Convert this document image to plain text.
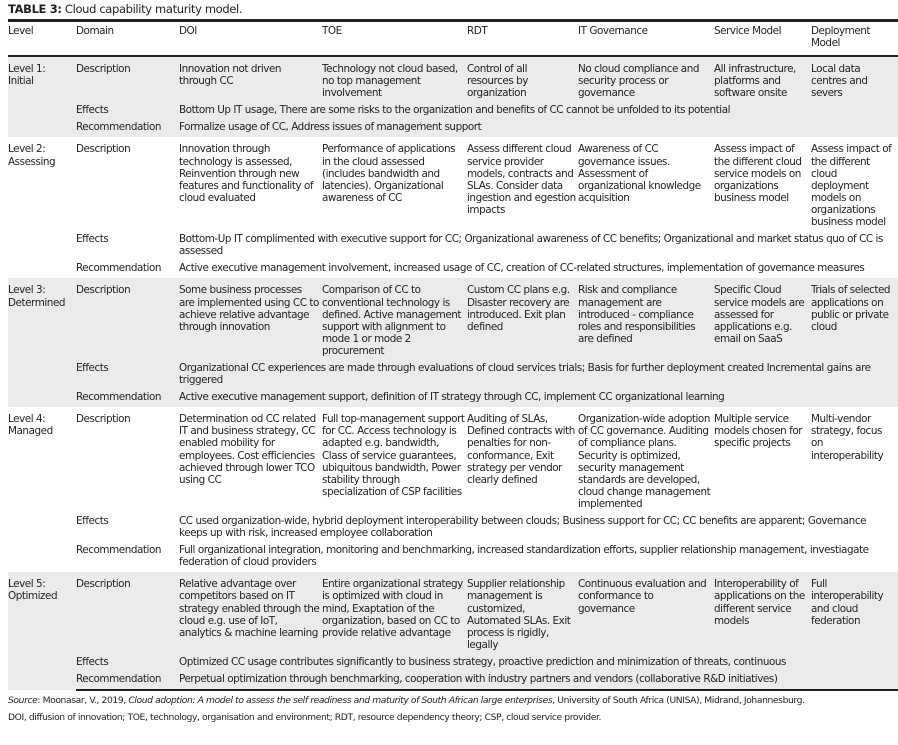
TABLE 3: Cloud capability maturity model.
Level	Domain	DOI	TOE	RDT	IT Governance	Service Model	Deployment Model

Level 1:
Initial	Description	Innovation not driven through CC	Technology not cloud based, no top management involvement	Control of all resources by organization	No cloud compliance and security process or governance	All infrastructure, platforms and software onsite	Local data centres and severs
	Effects	Bottom Up IT usage, There are some risks to the organization and benefits of CC cannot be unfolded to its potential					
	Recommendation	Formalize usage of CC, Address issues of management support					

Level 2:
Assessing	Description	Innovation through technology is assessed, Reinvention through new features and functionality of cloud evaluated	Performance of applications in the cloud assessed (includes bandwidth and latencies). Organizational awareness of CC	Assess different cloud service provider models, contracts and SLAs. Consider data ingestion and egestion impacts	Awareness of CC governance issues. Assessment of organizational knowledge acquisition	Assess impact of the different cloud service models on organizations business model	Assess impact of the different cloud deployment models on organizations business model
	Effects	Bottom-Up IT complimented with executive support for CC; Organizational awareness of CC benefits; Organizational and market status quo of CC is assessed					
	Recommendation	Active executive management involvement, increased usage of CC, creation of CC-related structures, implementation of governance measures					

Level 3:
Determined	Description	Some business processes are implemented using CC to achieve relative advantage through innovation	Comparison of CC to conventional technology is defined. Active management support with alignment to mode 1 or mode 2 procurement	Custom CC plans e.g. Disaster recovery are introduced. Exit plan defined	Risk and compliance management are introduced - compliance roles and responsibilities are defined	Specific Cloud service models are assessed for applications e.g. email on SaaS	Trials of selected applications on public or private cloud
	Effects	Organizational CC experiences are made through evaluations of cloud services trials; Basis for further deployment created Incremental gains are triggered					
	Recommendation	Active executive management support, definition of IT strategy through CC, implement CC organizational learning					

Level 4:
Managed	Description	Determination od CC related IT and business strategy, CC enabled mobility for employees. Cost efficiencies achieved through lower TCO using CC	Full top-management support for CC. Access technology is adapted e.g. bandwidth, Class of service guarantees, ubiquitous bandwidth, Power stability through specialization of CSP facilities	Auditing of SLAs, Defined contracts with penalties for non-conformance, Exit strategy per vendor clearly defined	Organization-wide adoption of CC governance. Auditing of compliance plans. Security is optimized, security management standards are developed, cloud change management implemented	Multiple service models chosen for specific projects	Multi-vendor strategy, focus on interoperability
	Effects	CC used organization-wide, hybrid deployment interoperability between clouds; Business support for CC; CC benefits are apparent; Governance keeps up with risk, increased employee collaboration					
	Recommendation	Full organizational integration, monitoring and benchmarking, increased standardization efforts, supplier relationship management, investiagate federation of cloud providers					

Level 5:
Optimized	Description	Relative advantage over competitors based on IT strategy enabled through the cloud e.g. use of IoT, analytics & machine learning	Entire organizational strategy is optimized with cloud in mind, Exaptation of the organization, based on CC to provide relative advantage	Supplier relationship management is customized, Automated SLAs. Exit process is rigidly, legally	Continuous evaluation and conformance to governance	Interoperability of applications on the different service models	Full interoperability and cloud federation
	Effects	Optimized CC usage contributes significantly to business strategy, proactive prediction and minimization of threats, continuous					
	Recommendation	Perpetual optimization through benchmarking, cooperation with industry partners and vendors (collaborative R&D initiatives)					
Source: Moonasar, V., 2019, Cloud adoption: A model to assess the self readiness and maturity of South African large enterprises, University of South Africa (UNISA), Midrand, Johannesburg.
DOI, diffusion of innovation; TOE, technology, organisation and environment; RDT, resource dependency theory; CSP, cloud service provider.
